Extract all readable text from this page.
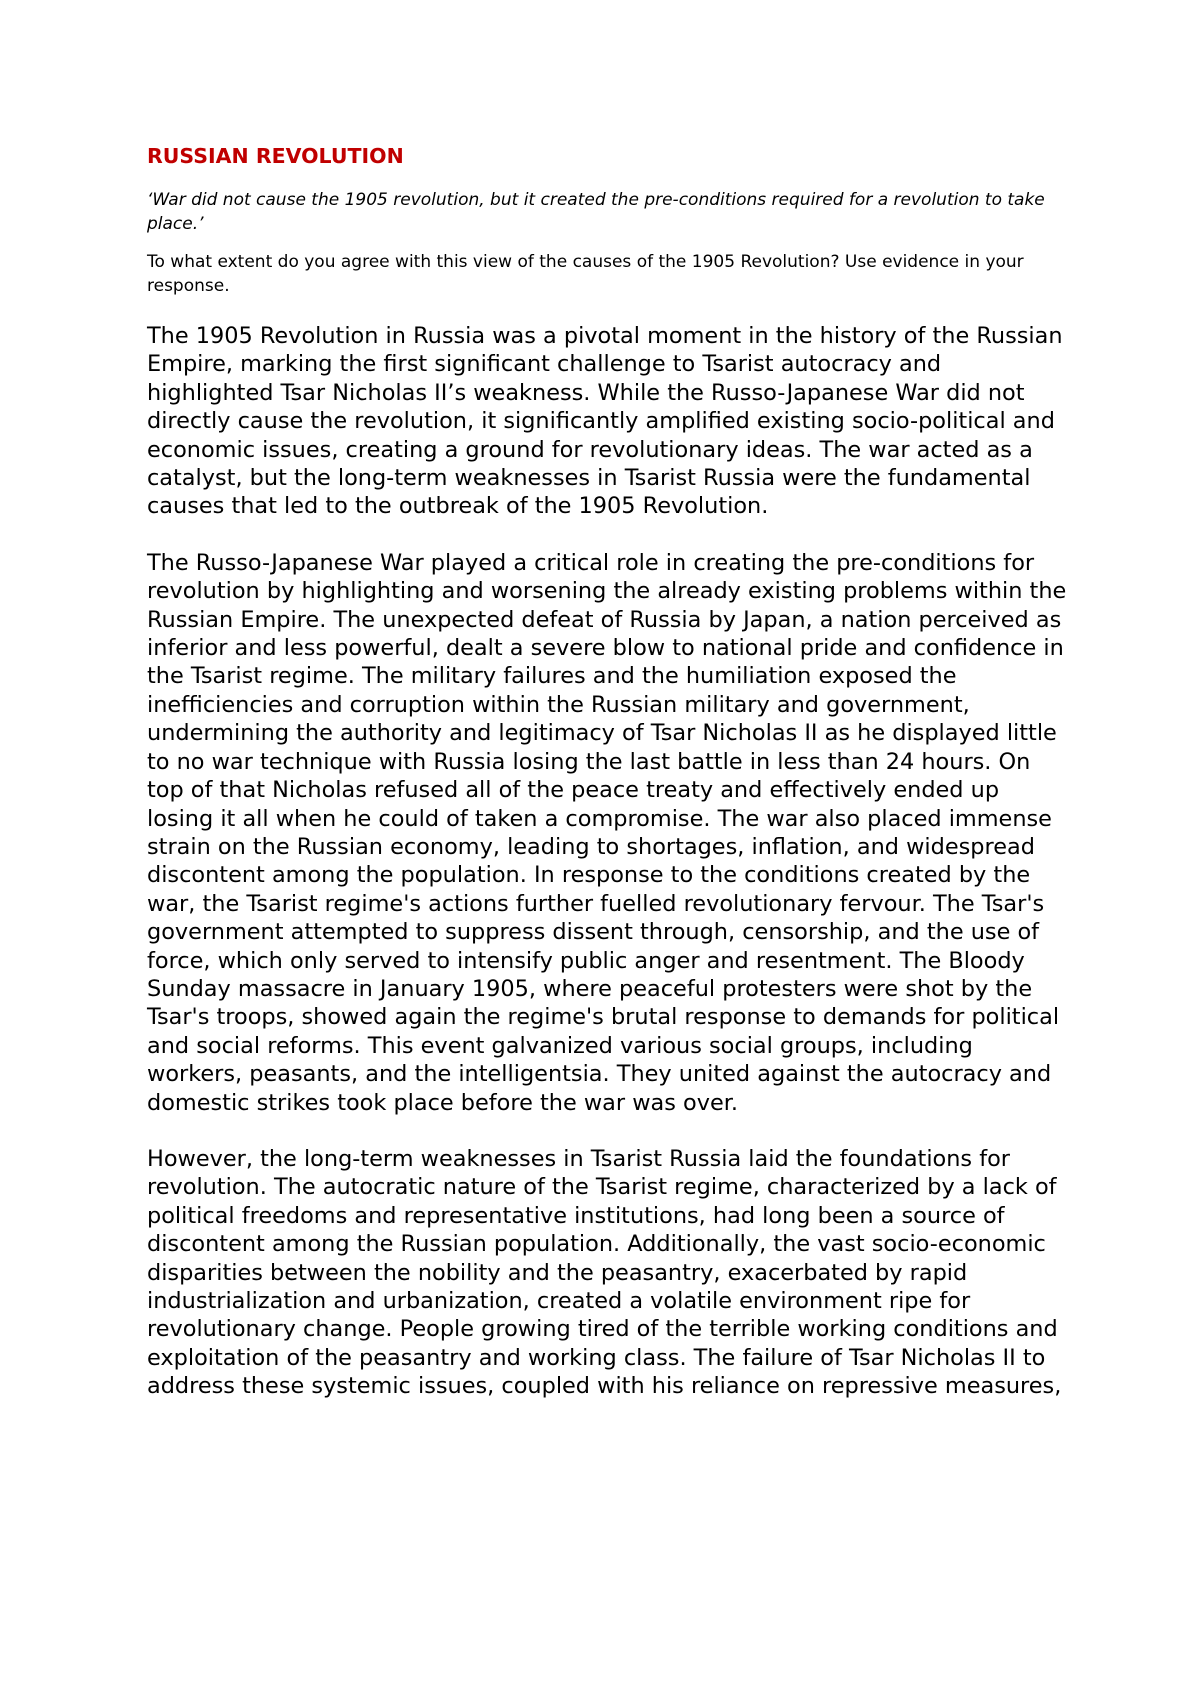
RUSSIAN REVOLUTION

‘War did not cause the 1905 revolution, but it created the pre-conditions required for a revolution to take place.’

To what extent do you agree with this view of the causes of the 1905 Revolution? Use evidence in your response.

The 1905 Revolution in Russia was a pivotal moment in the history of the Russian Empire, marking the first significant challenge to Tsarist autocracy and highlighted Tsar Nicholas II’s weakness. While the Russo-Japanese War did not directly cause the revolution, it significantly amplified existing socio-political and economic issues, creating a ground for revolutionary ideas. The war acted as a catalyst, but the long-term weaknesses in Tsarist Russia were the fundamental causes that led to the outbreak of the 1905 Revolution.

The Russo-Japanese War played a critical role in creating the pre-conditions for revolution by highlighting and worsening the already existing problems within the Russian Empire. The unexpected defeat of Russia by Japan, a nation perceived as inferior and less powerful, dealt a severe blow to national pride and confidence in the Tsarist regime. The military failures and the humiliation exposed the inefficiencies and corruption within the Russian military and government, undermining the authority and legitimacy of Tsar Nicholas II as he displayed little to no war technique with Russia losing the last battle in less than 24 hours. On top of that Nicholas refused all of the peace treaty and effectively ended up losing it all when he could of taken a compromise. The war also placed immense strain on the Russian economy, leading to shortages, inflation, and widespread discontent among the population. In response to the conditions created by the war, the Tsarist regime's actions further fuelled revolutionary fervour. The Tsar's government attempted to suppress dissent through, censorship, and the use of force, which only served to intensify public anger and resentment. The Bloody Sunday massacre in January 1905, where peaceful protesters were shot by the Tsar's troops, showed again the regime's brutal response to demands for political and social reforms. This event galvanized various social groups, including workers, peasants, and the intelligentsia. They united against the autocracy and domestic strikes took place before the war was over.

However, the long-term weaknesses in Tsarist Russia laid the foundations for revolution. The autocratic nature of the Tsarist regime, characterized by a lack of political freedoms and representative institutions, had long been a source of discontent among the Russian population. Additionally, the vast socio-economic disparities between the nobility and the peasantry, exacerbated by rapid industrialization and urbanization, created a volatile environment ripe for revolutionary change. People growing tired of the terrible working conditions and exploitation of the peasantry and working class. The failure of Tsar Nicholas II to address these systemic issues, coupled with his reliance on repressive measures,
